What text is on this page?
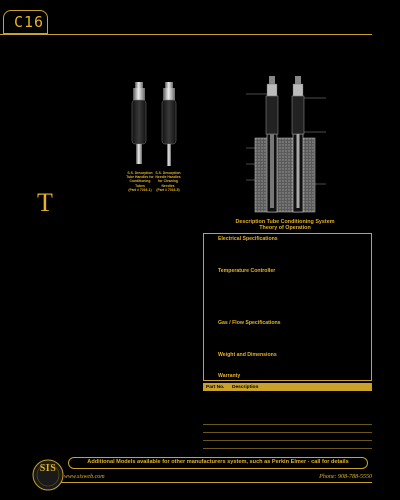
C16
S.S. Desorption
Tube Handles for
Conditioning
Tubes
(Part # 7016-1)
S.S. Desorption
Needle Handles
for Cleaning
Needles
(Part # 7016-5)
T
Description Tube Conditioning System
Theory of Operation
Electrical Specifications
Temperature Controller
Gas / Flow Specifications
Weight and Dimensions
Warranty
Part No. Description
Additional Models available for other manufacturers system, such as Perkin Elmer - call for details
www.sisweb.com	Phone: 908-788-5550
SIS
